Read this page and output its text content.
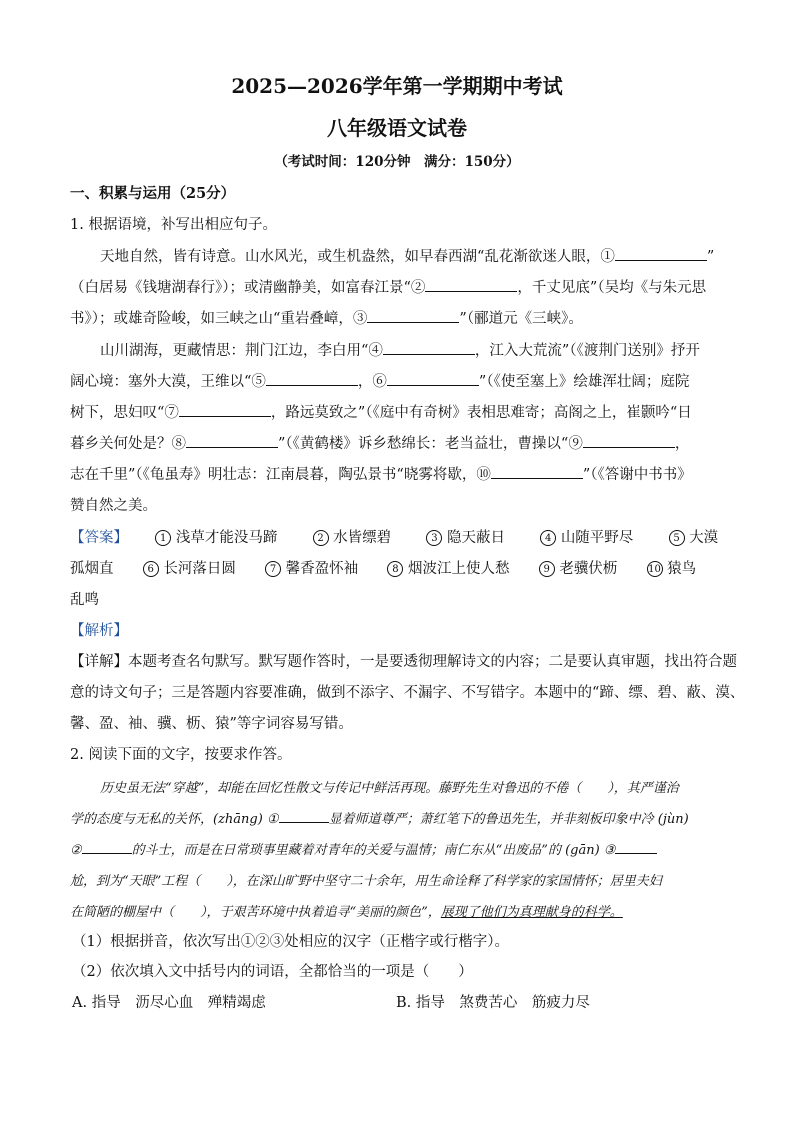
2025—2026学年第一学期期中考试
八年级语文试卷
（考试时间：120分钟　满分：150分）
一、积累与运用（25分）
1. 根据语境，补写出相应句子。
天地自然，皆有诗意。山水风光，或生机盎然，如早春西湖“乱花渐欲迷人眼，①	”
（白居易《钱塘湖春行》）；或清幽静美，如富春江景“②	，千丈见底”（吴均《与朱元思
书》）；或雄奇险峻，如三峡之山“重岩叠嶂，③	”（郦道元《三峡》。
山川湖海，更藏情思：荆门江边，李白用“④	，江入大荒流”（《渡荆门送别》抒开
阔心境：塞外大漠，王维以“⑤	，⑥	”（《使至塞上》绘雄浑壮阔；庭院
树下，思妇叹“⑦	，路远莫致之”（《庭中有奇树》表相思难寄；高阁之上，崔颢吟“日
暮乡关何处是？⑧	”（《黄鹤楼》诉乡愁绵长：老当益壮，曹操以“⑨	，
志在千里”（《龟虽寿》明壮志：江南晨暮，陶弘景书“晓雾将歇，⑩	”（《答谢中书书》
赞自然之美。
【答案】	1 浅草才能没马蹄	2 水皆缥碧	3 隐天蔽日	4 山随平野尽	5 大漠
孤烟直	6 长河落日圆	7 馨香盈怀袖	8 烟波江上使人愁	9 老骥伏枥	10 猿鸟
乱鸣
【解析】
【详解】本题考查名句默写。默写题作答时，一是要透彻理解诗文的内容；二是要认真审题，找出符合题
意的诗文句子；三是答题内容要准确，做到不添字、不漏字、不写错字。本题中的“蹄、缥、碧、蔽、漠、
馨、盈、袖、骥、枥、猿”等字词容易写错。
2. 阅读下面的文字，按要求作答。
历史虽无法“穿越”，却能在回忆性散文与传记中鲜活再现。藤野先生对鲁迅的不倦（　　），其严谨治
学的态度与无私的关怀，(zhāng) ①	显着师道尊严；萧红笔下的鲁迅先生，并非刻板印象中冷 (jùn)
②	的斗士，而是在日常琐事里藏着对青年的关爱与温情；南仁东从“出废品”的 (gān) ③
尬，到为“天眼”工程（　　），在深山旷野中坚守二十余年，用生命诠释了科学家的家国情怀；居里夫妇
在简陋的棚屋中（　　），于艰苦环境中执着追寻“美丽的颜色”，展现了他们为真理献身的科学。
（1）根据拼音，依次写出①②③处相应的汉字（正楷字或行楷字）。
（2）依次填入文中括号内的词语，全都恰当的一项是（　　）
A. 指导　沥尽心血　殚精竭虑	B. 指导　煞费苦心　筋疲力尽
